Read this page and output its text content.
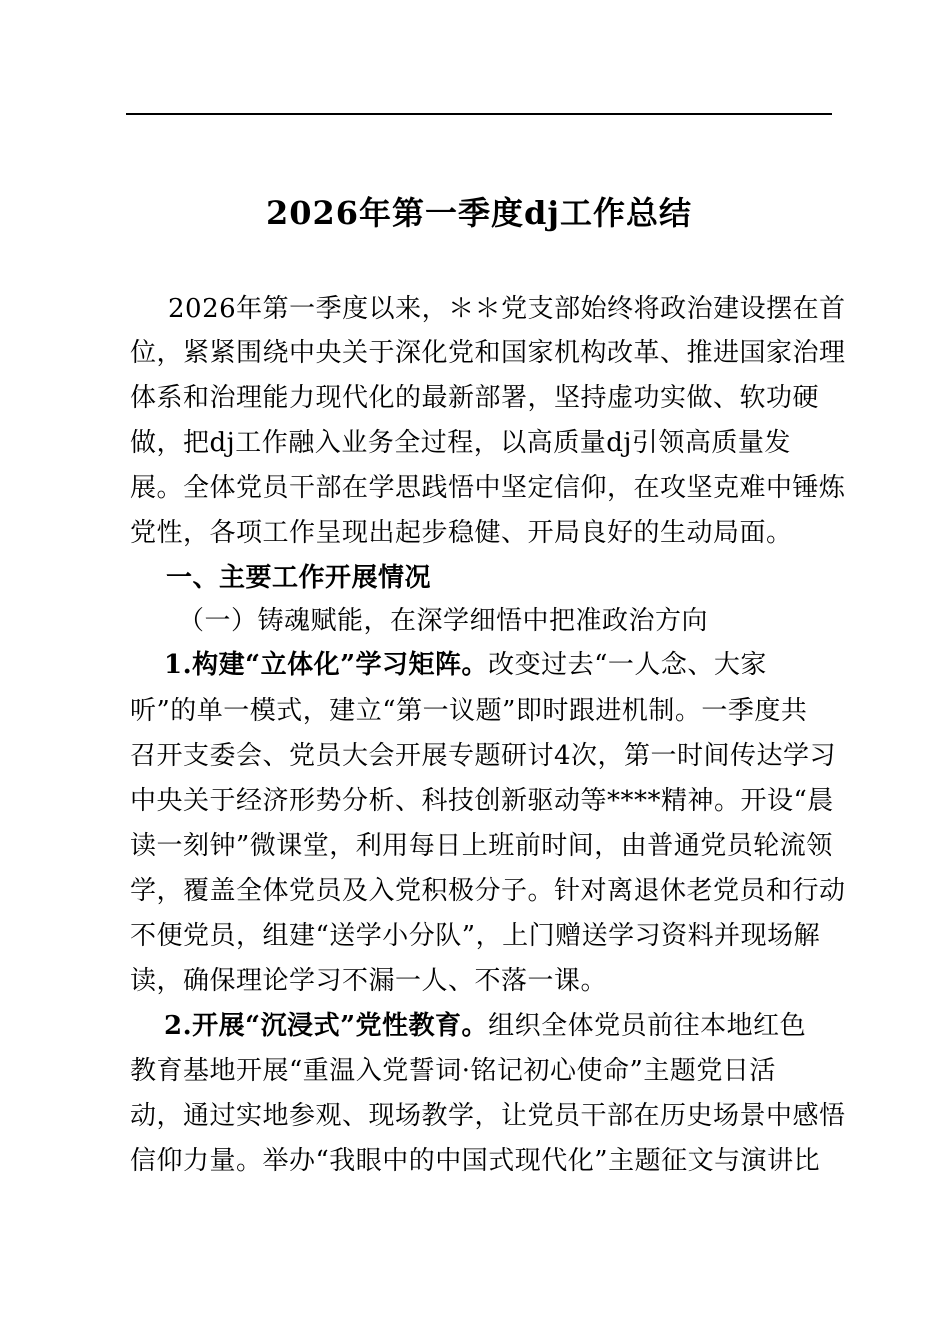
2026年第一季度dj工作总结
2026年第一季度以来，＊＊党支部始终将政治建设摆在首
位，紧紧围绕中央关于深化党和国家机构改革、推进国家治理
体系和治理能力现代化的最新部署，坚持虚功实做、软功硬
做，把dj工作融入业务全过程，以高质量dj引领高质量发
展。全体党员干部在学思践悟中坚定信仰，在攻坚克难中锤炼
党性，各项工作呈现出起步稳健、开局良好的生动局面。
一、主要工作开展情况
（一）铸魂赋能，在深学细悟中把准政治方向
1.构建“立体化”学习矩阵。改变过去“一人念、大家
听”的单一模式，建立“第一议题”即时跟进机制。一季度共
召开支委会、党员大会开展专题研讨4次，第一时间传达学习
中央关于经济形势分析、科技创新驱动等****精神。开设“晨
读一刻钟”微课堂，利用每日上班前时间，由普通党员轮流领
学，覆盖全体党员及入党积极分子。针对离退休老党员和行动
不便党员，组建“送学小分队”，上门赠送学习资料并现场解
读，确保理论学习不漏一人、不落一课。
2.开展“沉浸式”党性教育。组织全体党员前往本地红色
教育基地开展“重温入党誓词·铭记初心使命”主题党日活
动，通过实地参观、现场教学，让党员干部在历史场景中感悟
信仰力量。举办“我眼中的中国式现代化”主题征文与演讲比
